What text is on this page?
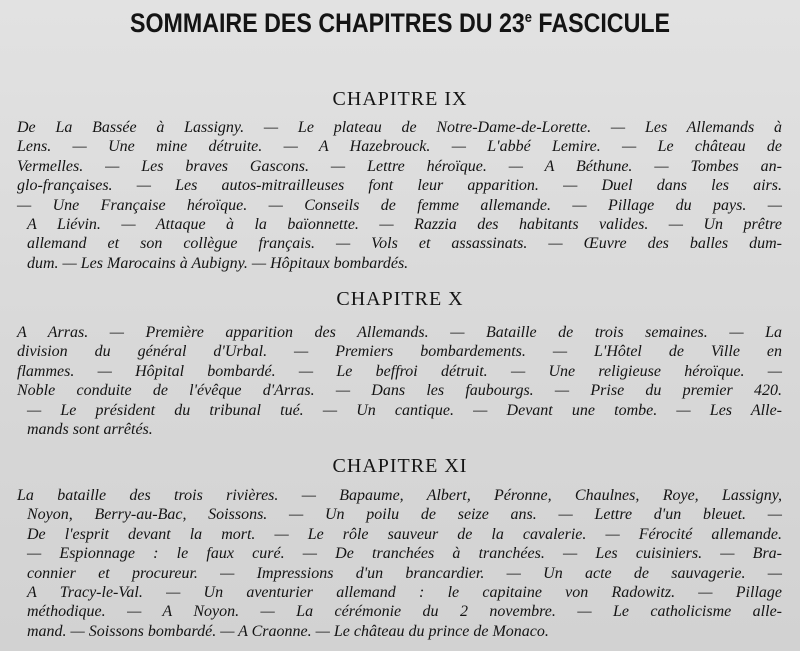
SOMMAIRE DES CHAPITRES DU 23e FASCICULE
CHAPITRE IX
De La Bassée à Lassigny. — Le plateau de Notre-Dame-de-Lorette. — Les Allemands à
Lens. — Une mine détruite. — A Hazebrouck. — L'abbé Lemire. — Le château de
Vermelles. — Les braves Gascons. — Lettre héroïque. — A Béthune. — Tombes an-
glo-françaises. — Les autos-mitrailleuses font leur apparition. — Duel dans les airs.
— Une Française héroïque. — Conseils de femme allemande. — Pillage du pays. —
A Liévin. — Attaque à la baïonnette. — Razzia des habitants valides. — Un prêtre
allemand et son collègue français. — Vols et assassinats. — Œuvre des balles dum-
dum. — Les Marocains à Aubigny. — Hôpitaux bombardés.
CHAPITRE X
A Arras. — Première apparition des Allemands. — Bataille de trois semaines. — La
division du général d'Urbal. — Premiers bombardements. — L'Hôtel de Ville en
flammes. — Hôpital bombardé. — Le beffroi détruit. — Une religieuse héroïque. —
Noble conduite de l'évêque d'Arras. — Dans les faubourgs. — Prise du premier 420.
— Le président du tribunal tué. — Un cantique. — Devant une tombe. — Les Alle-
mands sont arrêtés.
CHAPITRE XI
La bataille des trois rivières. — Bapaume, Albert, Péronne, Chaulnes, Roye, Lassigny,
Noyon, Berry-au-Bac, Soissons. — Un poilu de seize ans. — Lettre d'un bleuet. —
De l'esprit devant la mort. — Le rôle sauveur de la cavalerie. — Férocité allemande.
— Espionnage : le faux curé. — De tranchées à tranchées. — Les cuisiniers. — Bra-
connier et procureur. — Impressions d'un brancardier. — Un acte de sauvagerie. —
A Tracy-le-Val. — Un aventurier allemand : le capitaine von Radowitz. — Pillage
méthodique. — A Noyon. — La cérémonie du 2 novembre. — Le catholicisme alle-
mand. — Soissons bombardé. — A Craonne. — Le château du prince de Monaco.
